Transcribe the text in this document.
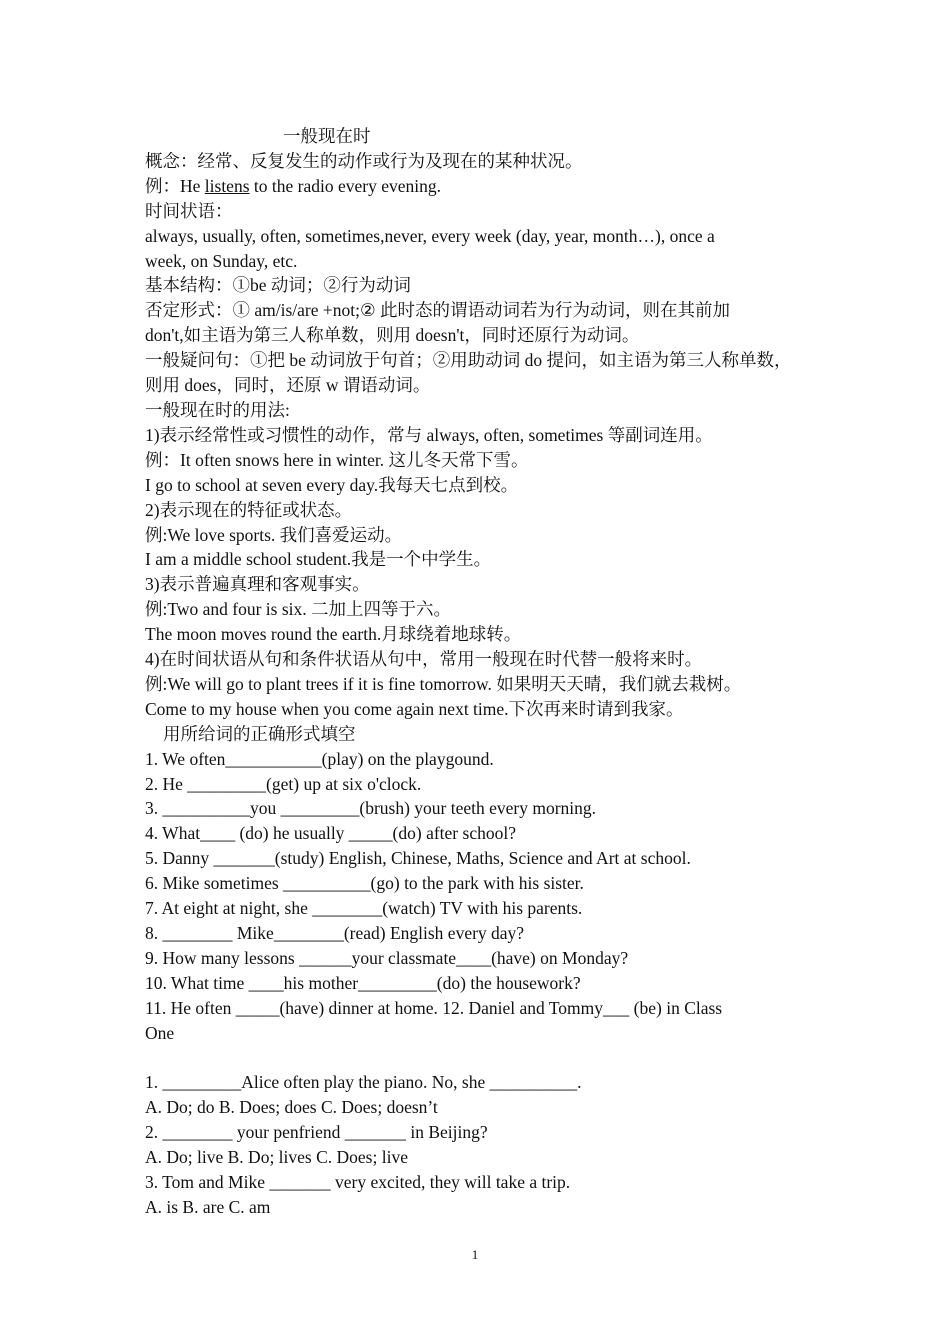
一般现在时
概念：经常、反复发生的动作或行为及现在的某种状况。
例：He listens to the radio every evening.
时间状语：
always, usually, often, sometimes,never, every week (day, year, month…), once a
week, on Sunday, etc.
基本结构：①be 动词；②行为动词
否定形式：① am/is/are +not;② 此时态的谓语动词若为行为动词，则在其前加
don't,如主语为第三人称单数，则用 doesn't，同时还原行为动词。
一般疑问句：①把 be 动词放于句首；②用助动词 do 提问，如主语为第三人称单数，
则用 does，同时，还原 w 谓语动词。
一般现在时的用法:
1)表示经常性或习惯性的动作，常与 always, often, sometimes 等副词连用。
例：It often snows here in winter. 这儿冬天常下雪。
I go to school at seven every day.我每天七点到校。
2)表示现在的特征或状态。
例:We love sports. 我们喜爱运动。
I am a middle school student.我是一个中学生。
3)表示普遍真理和客观事实。
例:Two and four is six. 二加上四等于六。
The moon moves round the earth.月球绕着地球转。
4)在时间状语从句和条件状语从句中，常用一般现在时代替一般将来时。
例:We will go to plant trees if it is fine tomorrow. 如果明天天晴，我们就去栽树。
Come to my house when you come again next time.下次再来时请到我家。
用所给词的正确形式填空
1. We often___________(play) on the playgound.
2. He _________(get) up at six o'clock.
3. __________you _________(brush) your teeth every morning.
4. What____ (do) he usually _____(do) after school?
5. Danny _______(study) English, Chinese, Maths, Science and Art at school.
6. Mike sometimes __________(go) to the park with his sister.
7. At eight at night, she ________(watch) TV with his parents.
8. ________ Mike________(read) English every day?
9. How many lessons ______your classmate____(have) on Monday?
10. What time ____his mother_________(do) the housework?
11. He often _____(have) dinner at home. 12. Daniel and Tommy___ (be) in Class
One
1. _________Alice often play the piano. No, she __________.
A. Do; do B. Does; does C. Does; doesn’t
2. ________ your penfriend _______ in Beijing?
A. Do; live B. Do; lives C. Does; live
3. Tom and Mike _______ very excited, they will take a trip.
A. is B. are C. am
1
